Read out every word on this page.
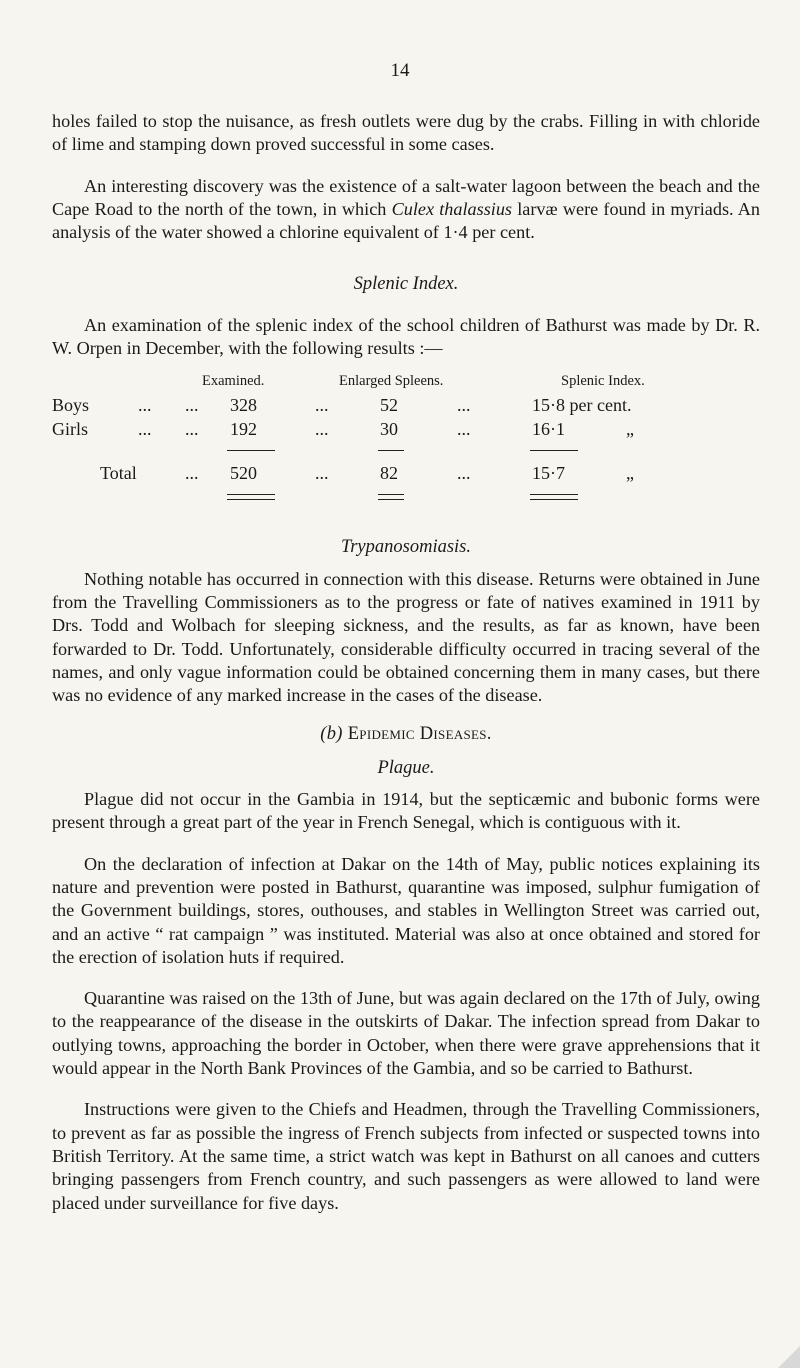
14

holes failed to stop the nuisance, as fresh outlets were dug by the crabs. Filling in with chloride of lime and stamping down proved successful in some cases.

An interesting discovery was the existence of a salt-water lagoon between the beach and the Cape Road to the north of the town, in which Culex thalassius larvæ were found in myriads. An analysis of the water showed a chlorine equivalent of 1·4 per cent.

Splenic Index.

An examination of the splenic index of the school children of Bathurst was made by Dr. R. W. Orpen in December, with the following results :—

Examined.	Enlarged Spleens.	Splenic Index.
Boys	... ... 328	...	52	...	15·8 per cent.
Girls	... ... 192	...	30	...	16·1	„
Total	... 520	...	82	...	15·7	„
Trypanosomiasis.

Nothing notable has occurred in connection with this disease. Returns were obtained in June from the Travelling Commissioners as to the progress or fate of natives examined in 1911 by Drs. Todd and Wolbach for sleeping sickness, and the results, as far as known, have been forwarded to Dr. Todd. Unfortunately, considerable difficulty occurred in tracing several of the names, and only vague information could be obtained concerning them in many cases, but there was no evidence of any marked increase in the cases of the disease.

(b) Epidemic Diseases.
Plague.

Plague did not occur in the Gambia in 1914, but the septicæmic and bubonic forms were present through a great part of the year in French Senegal, which is contiguous with it.

On the declaration of infection at Dakar on the 14th of May, public notices explaining its nature and prevention were posted in Bathurst, quarantine was imposed, sulphur fumigation of the Government buildings, stores, outhouses, and stables in Wellington Street was carried out, and an active “ rat campaign ” was instituted. Material was also at once obtained and stored for the erection of isolation huts if required.

Quarantine was raised on the 13th of June, but was again declared on the 17th of July, owing to the reappearance of the disease in the outskirts of Dakar. The infection spread from Dakar to outlying towns, approaching the border in October, when there were grave apprehensions that it would appear in the North Bank Provinces of the Gambia, and so be carried to Bathurst.

Instructions were given to the Chiefs and Headmen, through the Travelling Commissioners, to prevent as far as possible the ingress of French subjects from infected or suspected towns into British Territory. At the same time, a strict watch was kept in Bathurst on all canoes and cutters bringing passengers from French country, and such passengers as were allowed to land were placed under surveillance for five days.
